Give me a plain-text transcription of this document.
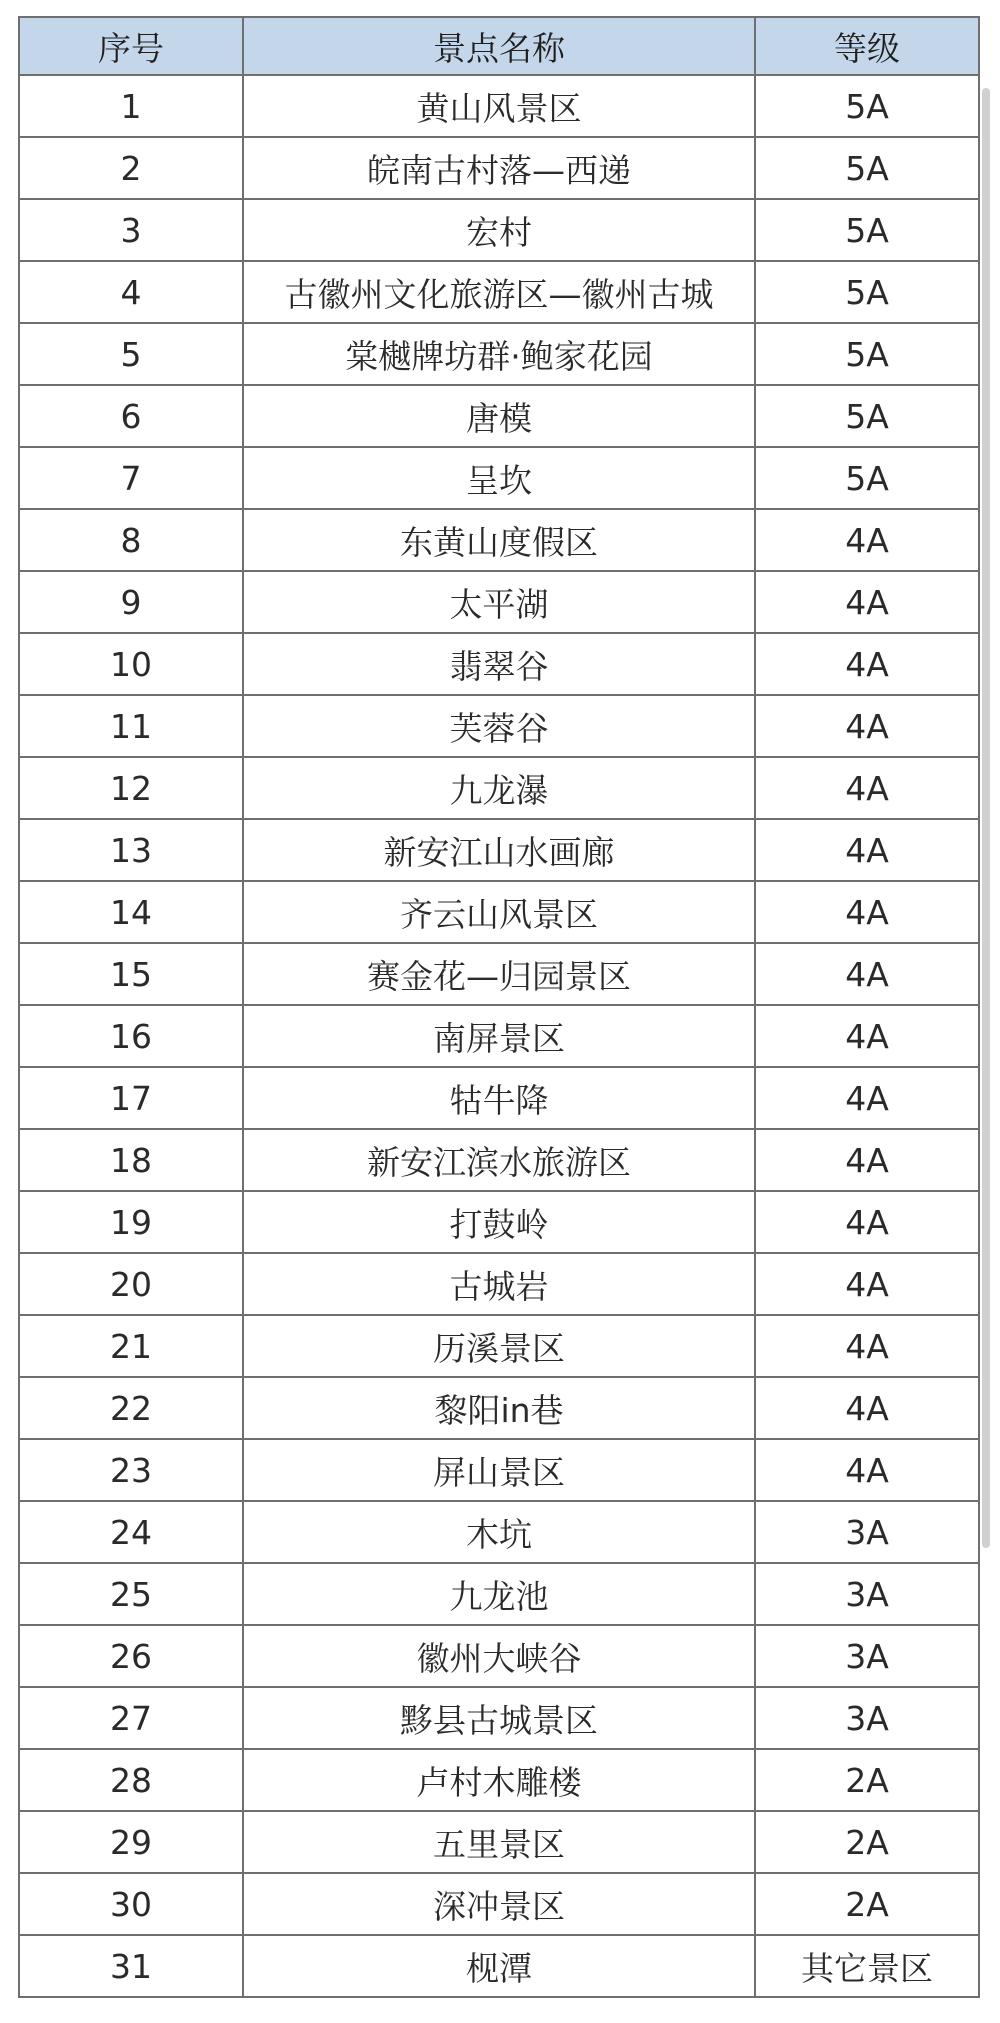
序号	景点名称	等级
1	黄山风景区	5A
2	皖南古村落—西递	5A
3	宏村	5A
4	古徽州文化旅游区—徽州古城	5A
5	棠樾牌坊群·鲍家花园	5A
6	唐模	5A
7	呈坎	5A
8	东黄山度假区	4A
9	太平湖	4A
10	翡翠谷	4A
11	芙蓉谷	4A
12	九龙瀑	4A
13	新安江山水画廊	4A
14	齐云山风景区	4A
15	赛金花—归园景区	4A
16	南屏景区	4A
17	牯牛降	4A
18	新安江滨水旅游区	4A
19	打鼓岭	4A
20	古城岩	4A
21	历溪景区	4A
22	黎阳in巷	4A
23	屏山景区	4A
24	木坑	3A
25	九龙池	3A
26	徽州大峡谷	3A
27	黟县古城景区	3A
28	卢村木雕楼	2A
29	五里景区	2A
30	深冲景区	2A
31	枧潭	其它景区
